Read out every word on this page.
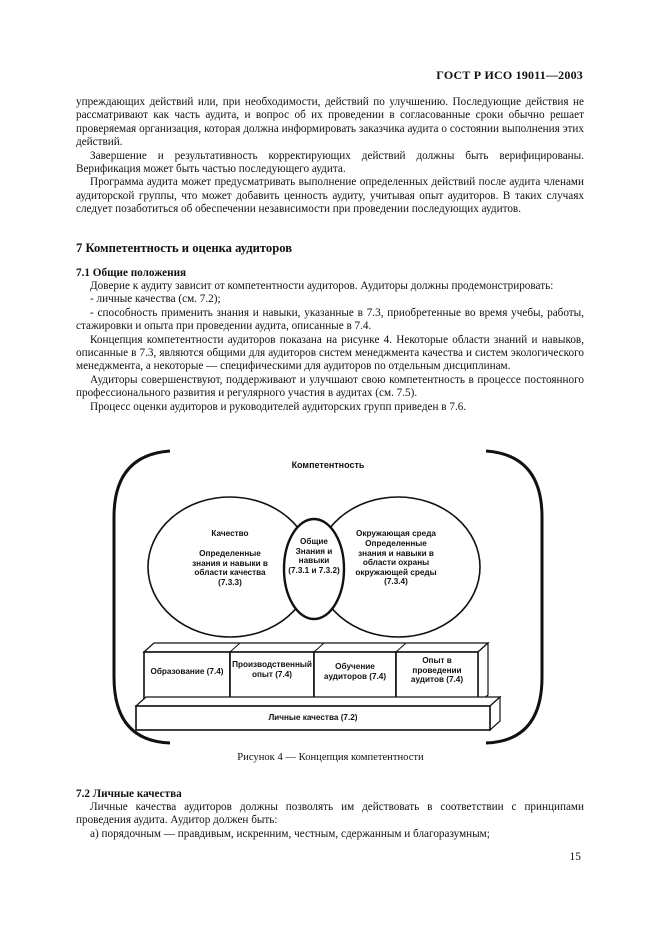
ГОСТ Р ИСО 19011—2003

упреждающих действий или, при необходимости, действий по улучшению. Последующие действия не рассматривают как часть аудита, и вопрос об их проведении в согласованные сроки обычно решает проверяемая организация, которая должна информировать заказчика аудита о состоянии выполнения этих действий.

Завершение и результативность корректирующих действий должны быть верифицированы. Верификация может быть частью последующего аудита.

Программа аудита может предусматривать выполнение определенных действий после аудита членами аудиторской группы, что может добавить ценность аудиту, учитывая опыт аудиторов. В таких случаях следует позаботиться об обеспечении независимости при проведении последующих аудитов.

7 Компетентность и оценка аудиторов
7.1 Общие положения

Доверие к аудиту зависит от компетентности аудиторов. Аудиторы должны продемонстрировать:

- личные качества (см. 7.2);

- способность применить знания и навыки, указанные в 7.3, приобретенные во время учебы, работы, стажировки и опыта при проведении аудита, описанные в 7.4.

Концепция компетентности аудиторов показана на рисунке 4. Некоторые области знаний и навыков, описанные в 7.3, являются общими для аудиторов систем менеджмента качества и систем экологического менеджмента, а некоторые — специфическими для аудиторов по отдельным дисциплинам.

Аудиторы совершенствуют, поддерживают и улучшают свою компетентность в процессе постоянного профессионального развития и регулярного участия в аудитах (см. 7.5).

Процесс оценки аудиторов и руководителей аудиторских групп приведен в 7.6.

Компетентность
Качество
Определенные знания и навыки в области качества (7.3.3)
Общие Знания и навыки (7.3.1 и 7.3.2)
Окружающая среда
Определенные знания и навыки в области охраны окружающей среды (7.3.4)
Образование (7.4)
Производственный опыт (7.4)
Обучение аудиторов (7.4)
Опыт в проведении аудитов (7.4)
Личные качества (7.2)
Рисунок 4 — Концепция компетентности
7.2 Личные качества

Личные качества аудиторов должны позволять им действовать в соответствии с принципами проведения аудита. Аудитор должен быть:

а) порядочным — правдивым, искренним, честным, сдержанным и благоразумным;

15
